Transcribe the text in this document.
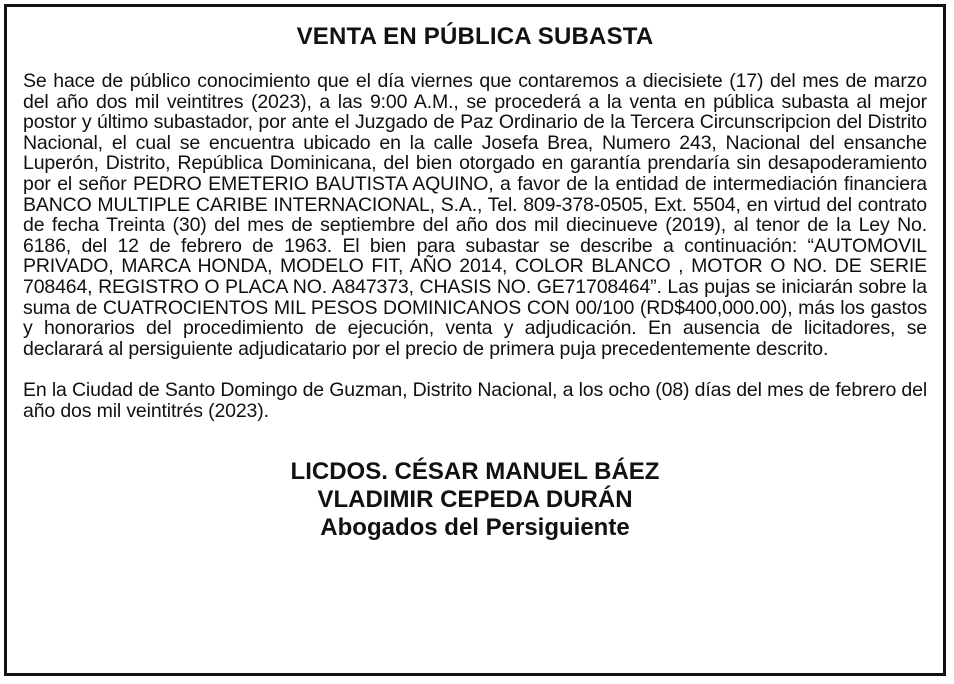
VENTA EN PÚBLICA SUBASTA

Se hace de público conocimiento que el día viernes que contaremos a diecisiete (17) del mes de marzo del año dos mil veintitres (2023), a las 9:00 A.M., se procederá a la venta en pública subasta al mejor postor y último subastador, por ante el Juzgado de Paz Ordinario de la Tercera Circunscripcion del Distrito Nacional, el cual se encuentra ubicado en la calle Josefa Brea, Numero 243, Nacional del ensanche Luperón, Distrito, República Dominicana, del bien otorgado en garantía prendaría sin desapoderamiento por el señor PEDRO EMETERIO BAUTISTA AQUINO, a favor de la entidad de intermediación financiera BANCO MULTIPLE CARIBE INTERNACIONAL, S.A., Tel. 809-378-0505, Ext. 5504, en virtud del contrato de fecha Treinta (30) del mes de septiembre del año dos mil diecinueve (2019), al tenor de la Ley No. 6186, del 12 de febrero de 1963. El bien para subastar se describe a continuación: “AUTOMOVIL PRIVADO, MARCA HONDA, MODELO FIT, AÑO 2014, COLOR BLANCO , MOTOR O NO. DE SERIE 708464, REGISTRO O PLACA NO. A847373, CHASIS NO. GE71708464”. Las pujas se iniciarán sobre la suma de CUATROCIENTOS MIL PESOS DOMINICANOS CON 00/100 (RD$400,000.00), más los gastos y honorarios del procedimiento de ejecución, venta y adjudicación. En ausencia de licitadores, se declarará al persiguiente adjudicatario por el precio de primera puja precedentemente descrito.

En la Ciudad de Santo Domingo de Guzman, Distrito Nacional, a los ocho (08) días del mes de febrero del año dos mil veintitrés (2023).

LICDOS. CÉSAR MANUEL BÁEZ
VLADIMIR CEPEDA DURÁN
Abogados del Persiguiente
